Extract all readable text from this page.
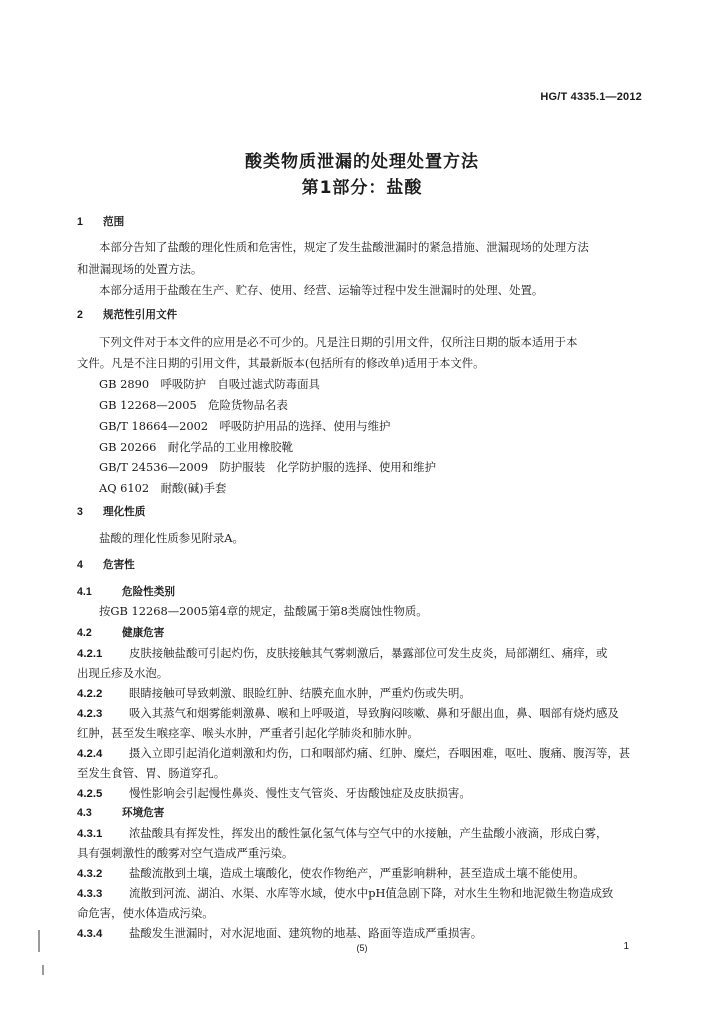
HG/T 4335.1—2012
酸类物质泄漏的处理处置方法
第1部分：盐酸
1 范围
本部分告知了盐酸的理化性质和危害性，规定了发生盐酸泄漏时的紧急措施、泄漏现场的处理方法
和泄漏现场的处置方法。
本部分适用于盐酸在生产、贮存、使用、经营、运输等过程中发生泄漏时的处理、处置。
2 规范性引用文件
下列文件对于本文件的应用是必不可少的。凡是注日期的引用文件，仅所注日期的版本适用于本
文件。凡是不注日期的引用文件，其最新版本(包括所有的修改单)适用于本文件。
GB 2890　呼吸防护　自吸过滤式防毒面具
GB 12268—2005　危险货物品名表
GB/T 18664—2002　呼吸防护用品的选择、使用与维护
GB 20266　耐化学品的工业用橡胶靴
GB/T 24536—2009　防护服装　化学防护服的选择、使用和维护
AQ 6102　耐酸(碱)手套
3 理化性质
盐酸的理化性质参见附录A。
4 危害性
4.1	危险性类别
按GB 12268—2005第4章的规定，盐酸属于第8类腐蚀性物质。
4.2	健康危害
4.2.1 皮肤接触盐酸可引起灼伤，皮肤接触其气雾刺激后，暴露部位可发生皮炎，局部潮红、痛痒，或
出现丘疹及水泡。
4.2.2 眼睛接触可导致刺激、眼睑红肿、结膜充血水肿，严重灼伤或失明。
4.2.3 吸入其蒸气和烟雾能刺激鼻、喉和上呼吸道，导致胸闷咳嗽、鼻和牙龈出血，鼻、咽部有烧灼感及
红肿，甚至发生喉痉挛、喉头水肿，严重者引起化学肺炎和肺水肿。
4.2.4 摄入立即引起消化道刺激和灼伤，口和咽部灼痛、红肿、糜烂，吞咽困难，呕吐、腹痛、腹泻等，甚
至发生食管、胃、肠道穿孔。
4.2.5 慢性影响会引起慢性鼻炎、慢性支气管炎、牙齿酸蚀症及皮肤损害。
4.3	环境危害
4.3.1 浓盐酸具有挥发性，挥发出的酸性氯化氢气体与空气中的水接触，产生盐酸小液滴，形成白雾，
具有强刺激性的酸雾对空气造成严重污染。
4.3.2 盐酸流散到土壤，造成土壤酸化，使农作物绝产，严重影响耕种，甚至造成土壤不能使用。
4.3.3 流散到河流、湖泊、水渠、水库等水域，使水中pH值急剧下降，对水生生物和地泥微生物造成致
命危害，使水体造成污染。
4.3.4 盐酸发生泄漏时，对水泥地面、建筑物的地基、路面等造成严重损害。
(5)	1
